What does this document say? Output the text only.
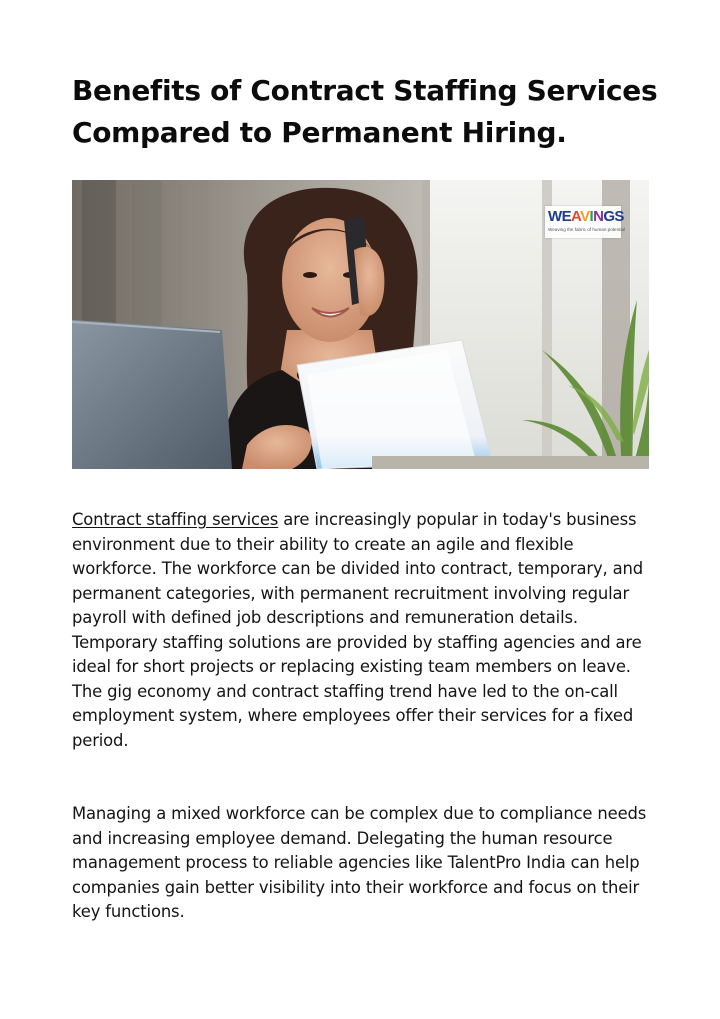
Benefits of Contract Staffing Services Compared to Permanent Hiring.
WEAVINGS
Weaving the fabric of human potential

Contract staffing services are increasingly popular in today's business environment due to their ability to create an agile and flexible workforce. The workforce can be divided into contract, temporary, and permanent categories, with permanent recruitment involving regular payroll with defined job descriptions and remuneration details. Temporary staffing solutions are provided by staffing agencies and are ideal for short projects or replacing existing team members on leave. The gig economy and contract staffing trend have led to the on-call employment system, where employees offer their services for a fixed period.

Managing a mixed workforce can be complex due to compliance needs and increasing employee demand. Delegating the human resource management process to reliable agencies like TalentPro India can help companies gain better visibility into their workforce and focus on their key functions.
